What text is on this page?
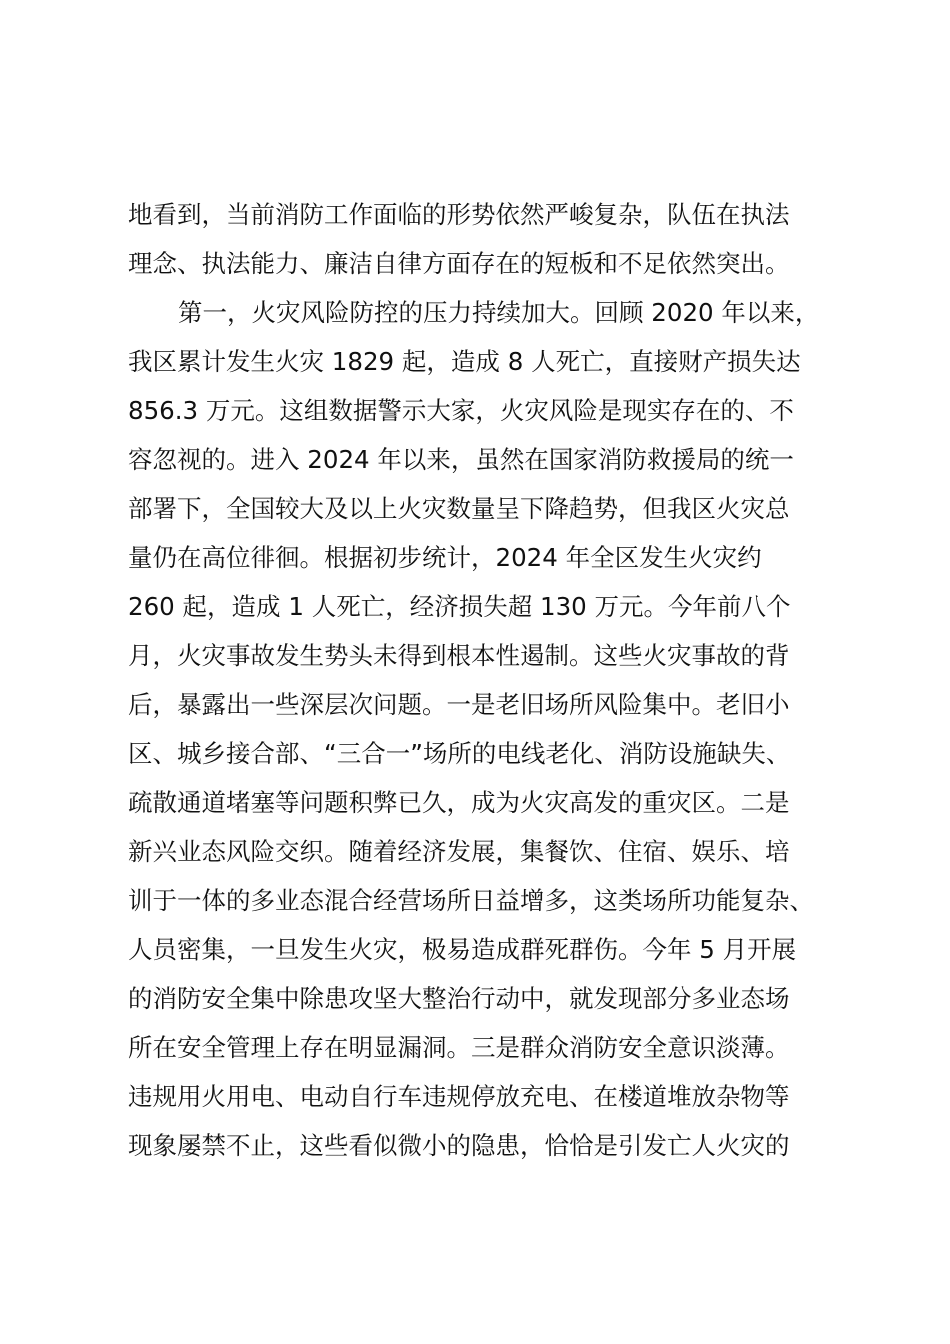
地看到，当前消防工作面临的形势依然严峻复杂，队伍在执法
理念、执法能力、廉洁自律方面存在的短板和不足依然突出。
第一，火灾风险防控的压力持续加大。回顾 2020 年以来，
我区累计发生火灾 1829 起，造成 8 人死亡，直接财产损失达
856.3 万元。这组数据警示大家，火灾风险是现实存在的、不
容忽视的。进入 2024 年以来，虽然在国家消防救援局的统一
部署下，全国较大及以上火灾数量呈下降趋势，但我区火灾总
量仍在高位徘徊。根据初步统计，2024 年全区发生火灾约
260 起，造成 1 人死亡，经济损失超 130 万元。今年前八个
月，火灾事故发生势头未得到根本性遏制。这些火灾事故的背
后，暴露出一些深层次问题。一是老旧场所风险集中。老旧小
区、城乡接合部、“三合一”场所的电线老化、消防设施缺失、
疏散通道堵塞等问题积弊已久，成为火灾高发的重灾区。二是
新兴业态风险交织。随着经济发展，集餐饮、住宿、娱乐、培
训于一体的多业态混合经营场所日益增多，这类场所功能复杂、
人员密集，一旦发生火灾，极易造成群死群伤。今年 5 月开展
的消防安全集中除患攻坚大整治行动中，就发现部分多业态场
所在安全管理上存在明显漏洞。三是群众消防安全意识淡薄。
违规用火用电、电动自行车违规停放充电、在楼道堆放杂物等
现象屡禁不止，这些看似微小的隐患，恰恰是引发亡人火灾的
